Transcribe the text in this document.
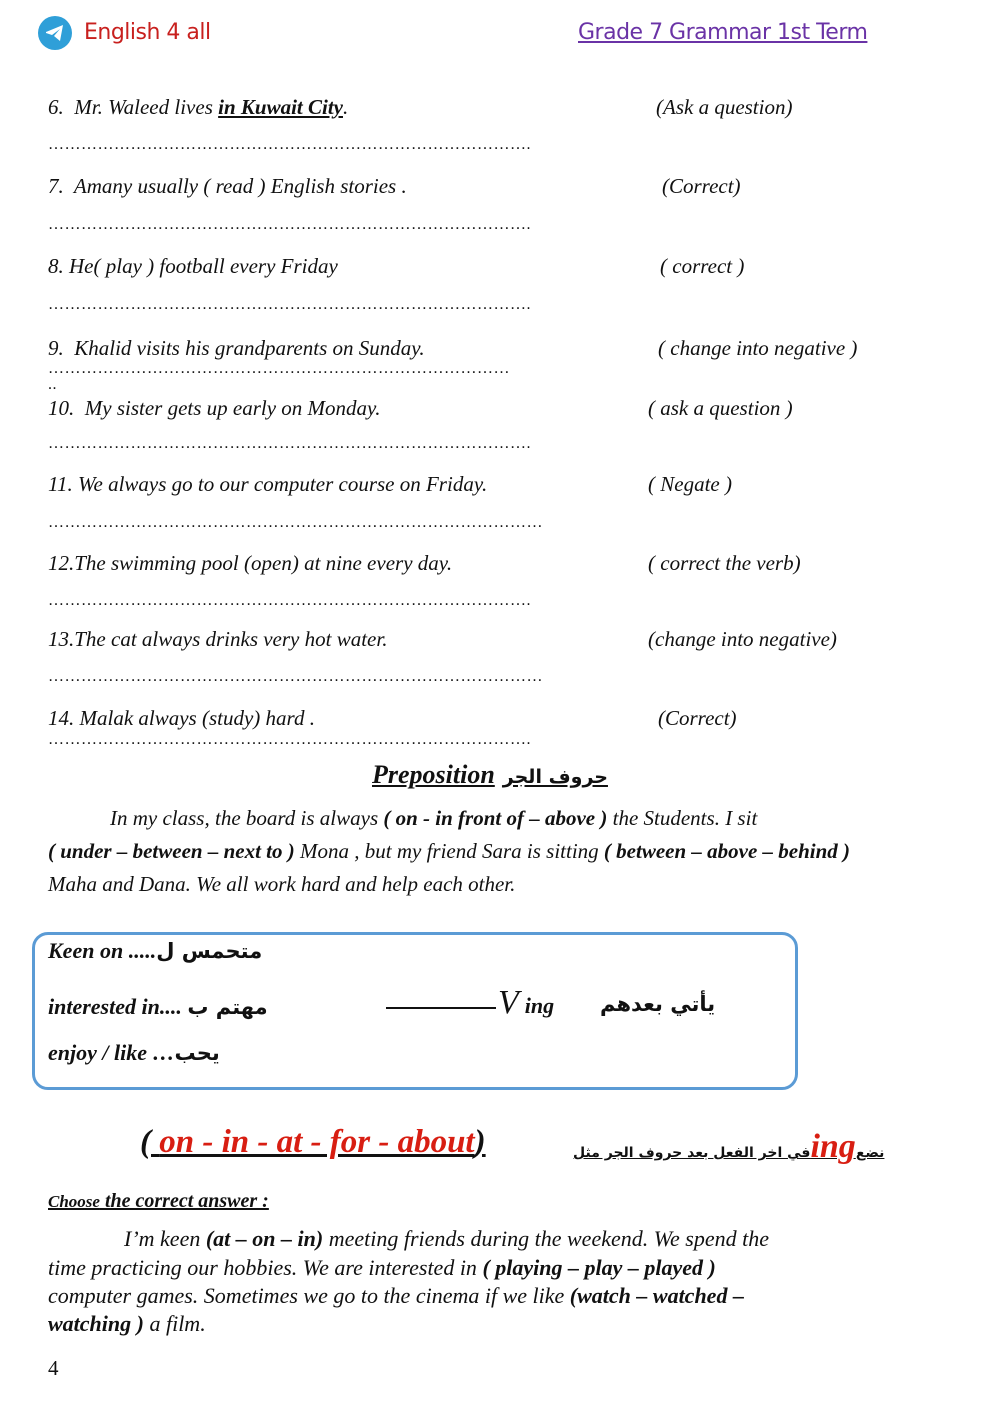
English 4 all	Grade 7 Grammar 1st Term
6. Mr. Waleed lives in Kuwait City.	(Ask a question)
…………………………………………………………………………….
7. Amany usually ( read ) English stories .	(Correct)
…………………………………………………………………………….
8. He( play ) football every Friday	( correct )
…………………………………………………………………………….
9. Khalid visits his grandparents on Sunday.	( change into negative )
…………………………………………………………………………
..
10. My sister gets up early on Monday.	( ask a question )
…………………………………………………………………………….
11. We always go to our computer course on Friday.	( Negate )
………………………………………………………………………………
12.The swimming pool (open) at nine every day.	( correct the verb)
…………………………………………………………………………….
13.The cat always drinks very hot water.	(change into negative)
………………………………………………………………………………
14. Malak always (study) hard .	(Correct)
…………………………………………………………………………….
Preposition حروف الجر
In my class, the board is always ( on - in front of – above ) the Students. I sit
( under – between – next to ) Mona , but my friend Sara is sitting ( between – above – behind )
Maha and Dana. We all work hard and help each other.
Keen on .....متحمس ل
interested in.... مهتم ب
enjoy / like …يحب
Ving يأتي بعدهم
( on - in - at - for - about)	في اخر الفعل بعد حروف الجر مثلingنضع
Choose the correct answer :
I’m keen (at – on – in) meeting friends during the weekend. We spend the
time practicing our hobbies. We are interested in ( playing – play – played )
computer games. Sometimes we go to the cinema if we like (watch – watched –
watching ) a film.
4
